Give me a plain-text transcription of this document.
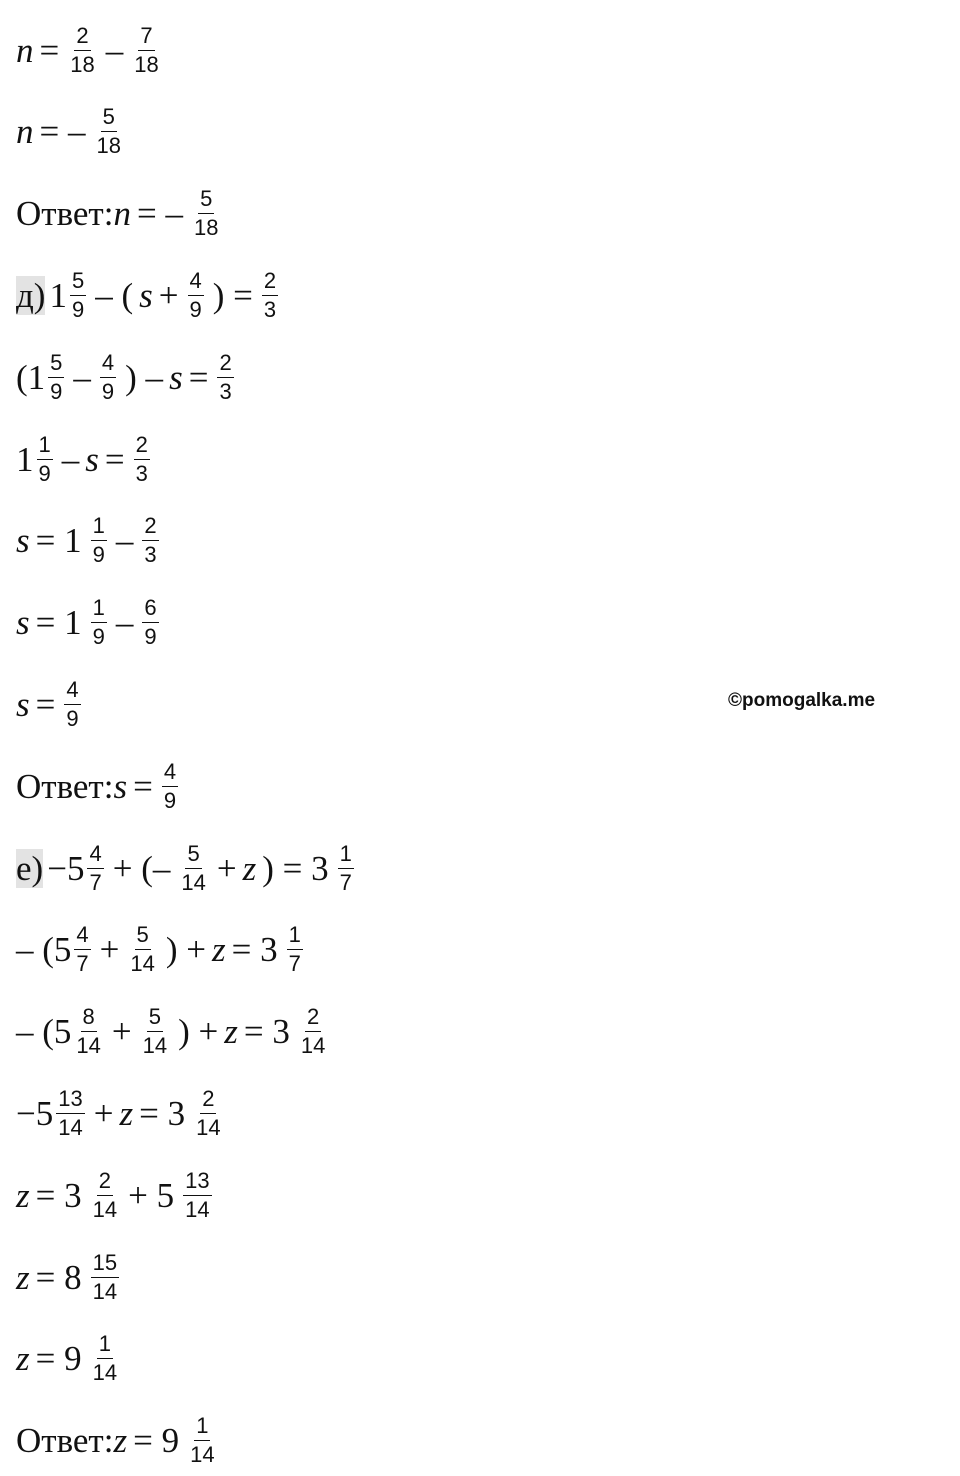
$n = \frac{2}{18} - \frac{7}{18}$
n = – $\frac{5}{18}$
Ответ: n = – $\frac{5}{18}$
д) $1 \frac{5}{9}$ – ( $s + \frac{4}{9}$ ) = $\frac{2}{3}$
($1 \frac{5}{9} - \frac{4}{9}$ ) – $s = \frac{2}{3}$
$1 \frac{1}{9} - s = \frac{2}{3}$
$s = 1 \frac{1}{9} - \frac{2}{3}$
$s = 1 \frac{1}{9} - \frac{6}{9}$
$s = \frac{4}{9}$
Ответ: $s = \frac{4}{9}$
$е) -5 \frac{4}{7}$ + (– $\frac{5}{14} + z$ ) = $3 \frac{1}{7}$
– ($5 \frac{4}{7} + \frac{5}{14}$ ) + $z = 3 \frac{1}{7}$
– ($5 \frac{8}{14} + \frac{5}{14}$ ) + $z = 3 \frac{2}{14}$
$-5 \frac{13}{14} + z = 3 \frac{2}{14}$
$z = 3 \frac{2}{14} + 5 \frac{13}{14}$
$z = 8 \frac{15}{14}$
$z = 9 \frac{1}{14}$
Ответ: $z = 9 \frac{1}{14}$
©pomogalka.me
